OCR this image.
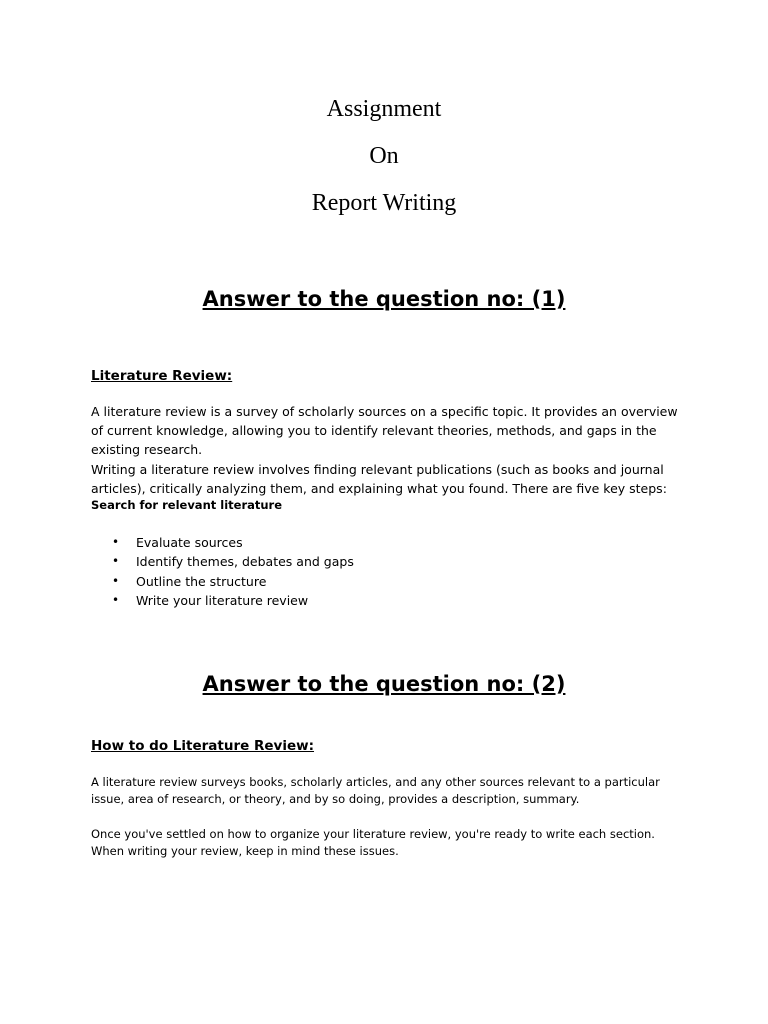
Assignment
On
Report Writing
Answer to the question no: (1)
Literature Review:

A literature review is a survey of scholarly sources on a specific topic. It provides an overview of current knowledge, allowing you to identify relevant theories, methods, and gaps in the existing research.

Writing a literature review involves finding relevant publications (such as books and journal articles), critically analyzing them, and explaining what you found. There are five key steps:

Search for relevant literature
• Evaluate sources
• Identify themes, debates and gaps
• Outline the structure
• Write your literature review
Answer to the question no: (2)
How to do Literature Review:

A literature review surveys books, scholarly articles, and any other sources relevant to a particular issue, area of research, or theory, and by so doing, provides a description, summary.

Once you've settled on how to organize your literature review, you're ready to write each section. When writing your review, keep in mind these issues.
